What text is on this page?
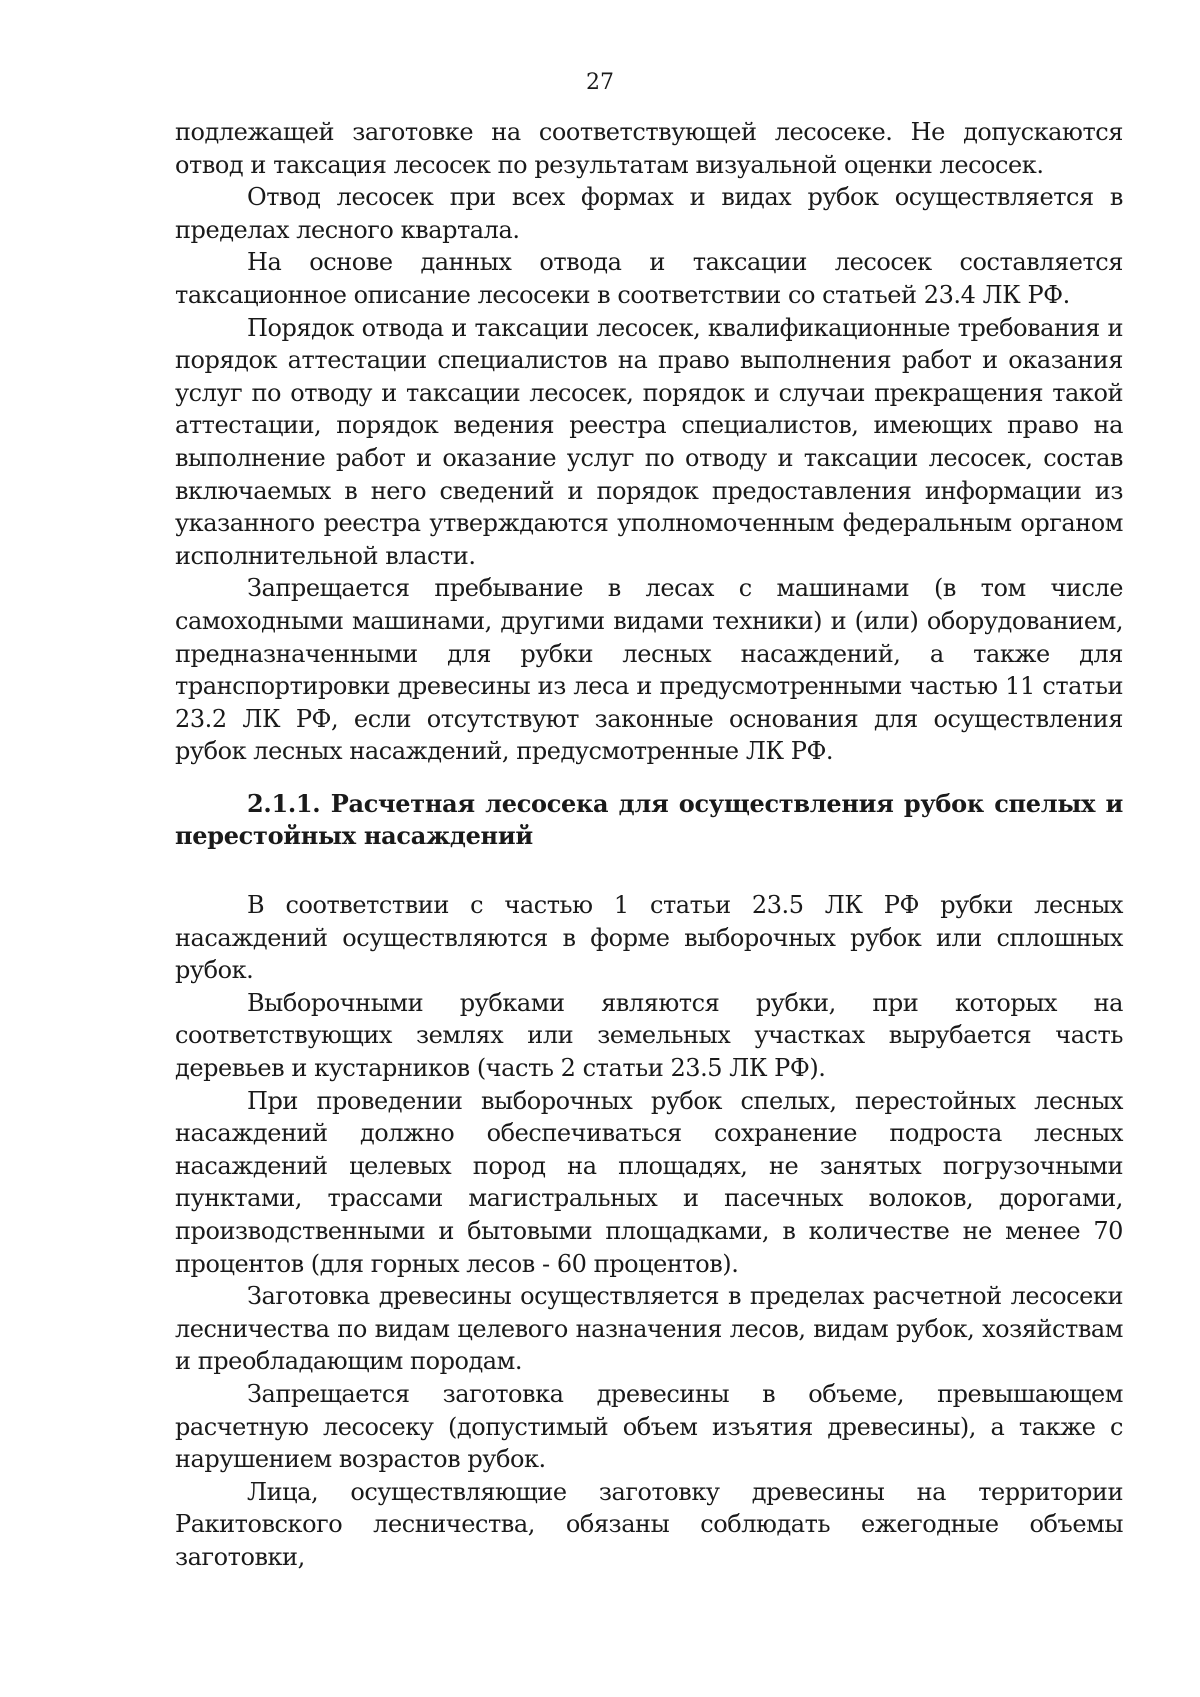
27

подлежащей заготовке на соответствующей лесосеке. Не допускаются отвод и таксация лесосек по результатам визуальной оценки лесосек.

Отвод лесосек при всех формах и видах рубок осуществляется в пределах лесного квартала.

На основе данных отвода и таксации лесосек составляется таксационное описание лесосеки в соответствии со статьей 23.4 ЛК РФ.

Порядок отвода и таксации лесосек, квалификационные требования и порядок аттестации специалистов на право выполнения работ и оказания услуг по отводу и таксации лесосек, порядок и случаи прекращения такой аттестации, порядок ведения реестра специалистов, имеющих право на выполнение работ и оказание услуг по отводу и таксации лесосек, состав включаемых в него сведений и порядок предоставления информации из указанного реестра утверждаются уполномоченным федеральным органом исполнительной власти.

Запрещается пребывание в лесах с машинами (в том числе самоходными машинами, другими видами техники) и (или) оборудованием, предназначенными для рубки лесных насаждений, а также для транспортировки древесины из леса и предусмотренными частью 11 статьи 23.2 ЛК РФ, если отсутствуют законные основания для осуществления рубок лесных насаждений, предусмотренные ЛК РФ.

2.1.1. Расчетная лесосека для осуществления рубок спелых и перестойных насаждений

В соответствии с частью 1 статьи 23.5 ЛК РФ рубки лесных насаждений осуществляются в форме выборочных рубок или сплошных рубок.

Выборочными рубками являются рубки, при которых на соответствующих землях или земельных участках вырубается часть деревьев и кустарников (часть 2 статьи 23.5 ЛК РФ).

При проведении выборочных рубок спелых, перестойных лесных насаждений должно обеспечиваться сохранение подроста лесных насаждений целевых пород на площадях, не занятых погрузочными пунктами, трассами магистральных и пасечных волоков, дорогами, производственными и бытовыми площадками, в количестве не менее 70 процентов (для горных лесов - 60 процентов).

Заготовка древесины осуществляется в пределах расчетной лесосеки лесничества по видам целевого назначения лесов, видам рубок, хозяйствам и преобладающим породам.

Запрещается заготовка древесины в объеме, превышающем расчетную лесосеку (допустимый объем изъятия древесины), а также с нарушением возрастов рубок.

Лица, осуществляющие заготовку древесины на территории Ракитовского лесничества, обязаны соблюдать ежегодные объемы заготовки,
